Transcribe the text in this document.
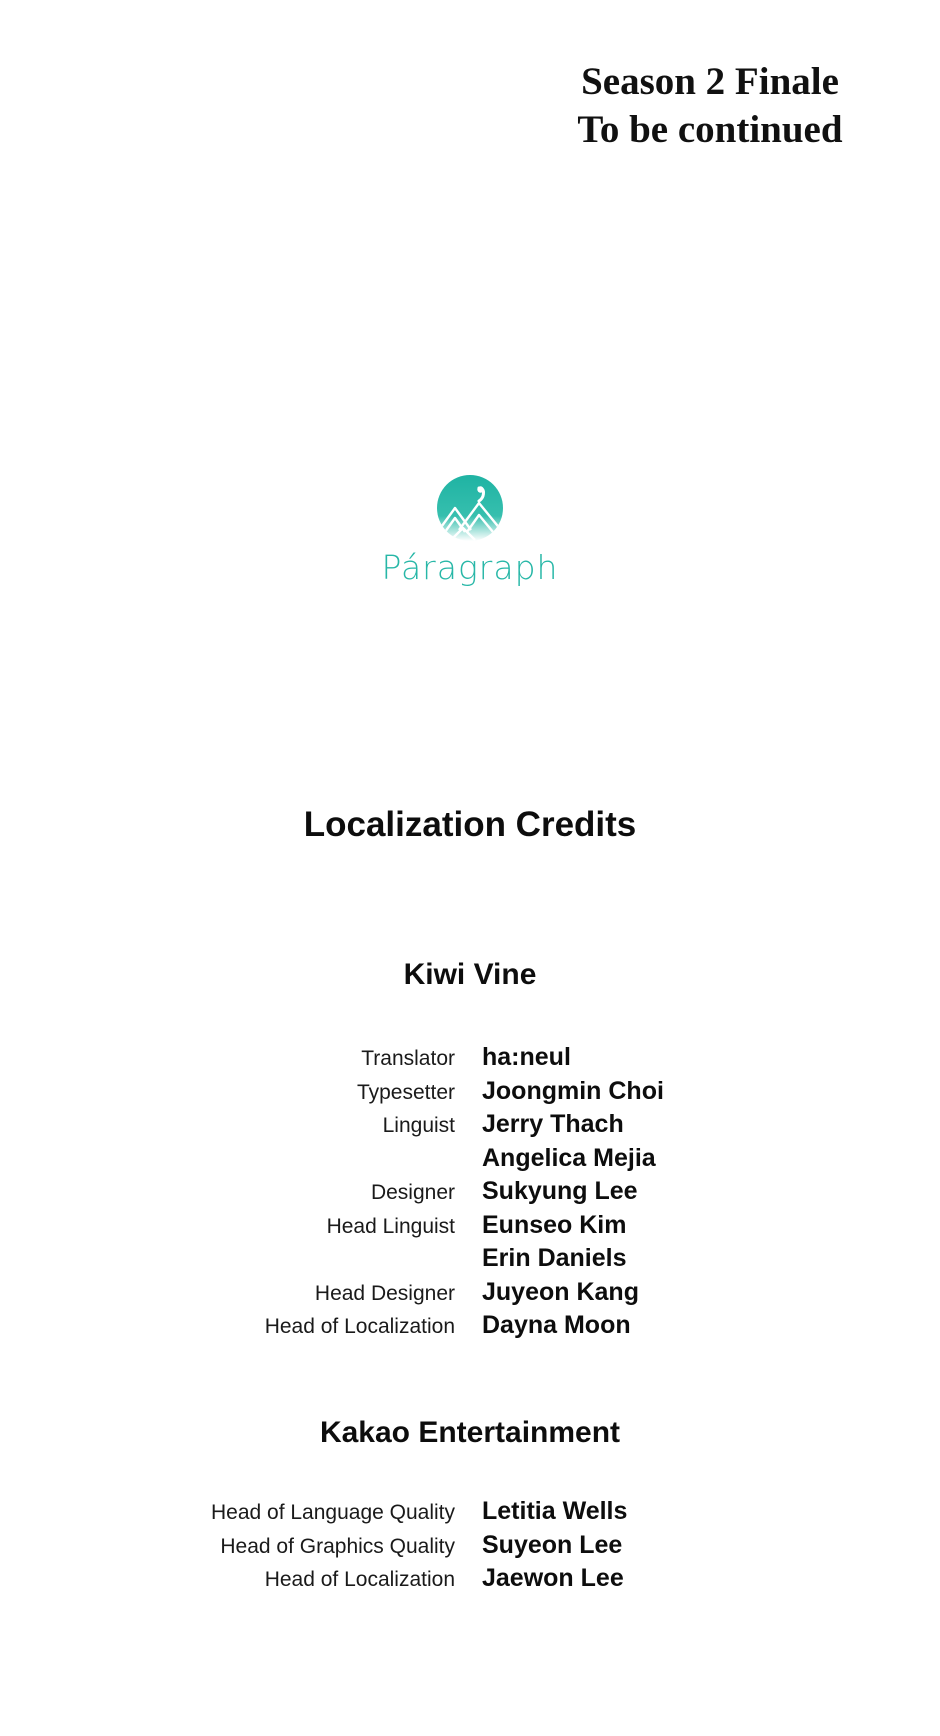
Season 2 Finale
To be continued
Páragraph
Localization Credits
Kiwi Vine
Translator ha:neul
Typesetter Joongmin Choi
Linguist Jerry Thach
Angelica Mejia
Designer Sukyung Lee
Head Linguist Eunseo Kim
Erin Daniels
Head Designer Juyeon Kang
Head of Localization Dayna Moon
Kakao Entertainment
Head of Language Quality Letitia Wells
Head of Graphics Quality Suyeon Lee
Head of Localization Jaewon Lee
